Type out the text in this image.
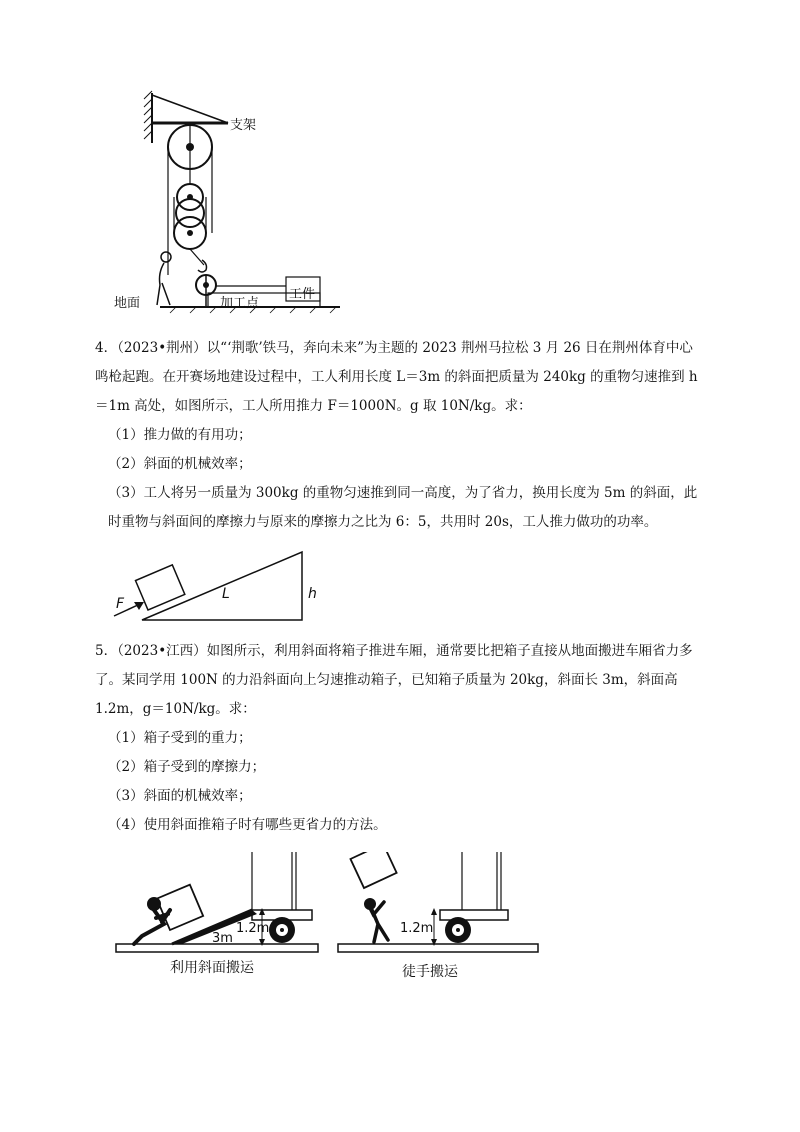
支架
地面	加工点
工件

4．（2023•荆州）以“‘荆歌’铁马，奔向未来”为主题的 2023 荆州马拉松 3 月 26 日在荆州体育中心鸣枪起跑。在开赛场地建设过程中，工人利用长度 L＝3m 的斜面把质量为 240kg 的重物匀速推到 h＝1m 高处，如图所示，工人所用推力 F＝1000N。g 取 10N/kg。求：

（1）推力做的有用功；

（2）斜面的机械效率；

（3）工人将另一质量为 300kg 的重物匀速推到同一高度，为了省力，换用长度为 5m 的斜面，此时重物与斜面间的摩擦力与原来的摩擦力之比为 6：5，共用时 20s，工人推力做功的功率。

F
L	h

5．（2023•江西）如图所示，利用斜面将箱子推进车厢，通常要比把箱子直接从地面搬进车厢省力多了。某同学用 100N 的力沿斜面向上匀速推动箱子，已知箱子质量为 20kg，斜面长 3m，斜面高 1.2m，g＝10N/kg。求：

（1）箱子受到的重力；

（2）箱子受到的摩擦力；

（3）斜面的机械效率；

（4）使用斜面推箱子时有哪些更省力的方法。

1.2m
3m
利用斜面搬运
1.2m
徒手搬运
